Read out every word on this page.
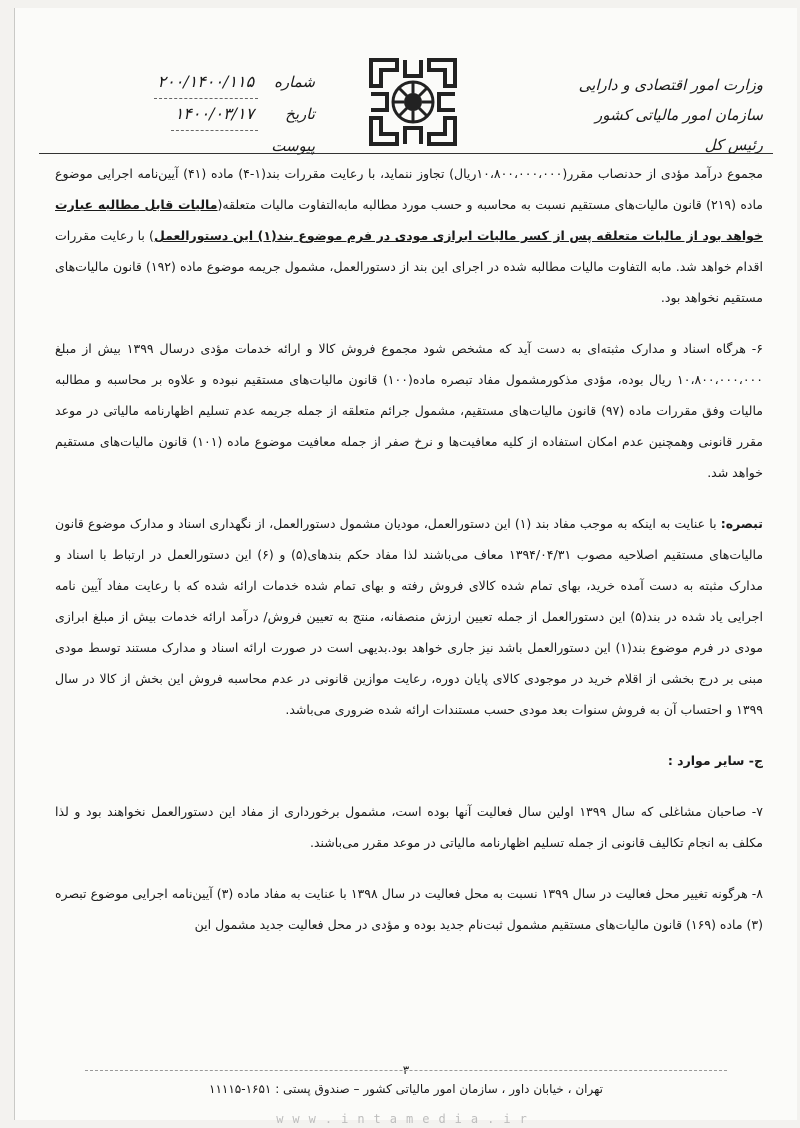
شماره ۲۰۰/۱۴۰۰/۱۱۵
تاریخ ۱۴۰۰/۰۳/۱۷
پیوست
وزارت امور اقتصادی و دارایی
سازمان امور مالیاتی کشور
رئیس کل

مجموع درآمد مؤدی از حدنصاب مقرر(۱۰،۸۰۰،۰۰۰،۰۰۰ریال) تجاوز ننماید، با رعایت مقررات بند(۱-۴) ماده (۴۱) آیین‌نامه اجرایی موضوع ماده (۲۱۹) قانون مالیات‌های مستقیم نسبت به محاسبه و حسب مورد مطالبه مابه‌التفاوت مالیات متعلقه(مالیات قابل مطالبه عبارت خواهد بود از مالیات متعلقه پس از کسر مالیات ابرازی مودی در فرم موضوع بند(۱) این دستورالعمل) با رعایت مقررات اقدام خواهد شد. مابه التفاوت مالیات مطالبه شده در اجرای این بند از دستورالعمل، مشمول جریمه موضوع ماده (۱۹۲) قانون مالیات‌های مستقیم نخواهد بود.

۶- هرگاه اسناد و مدارک مثبته‌ای به دست آید که مشخص شود مجموع فروش کالا و ارائه خدمات مؤدی درسال ۱۳۹۹ بیش از مبلغ ۱۰،۸۰۰،۰۰۰،۰۰۰ ریال بوده، مؤدی مذکورمشمول مفاد تبصره ماده(۱۰۰) قانون مالیات‌های مستقیم نبوده و علاوه بر محاسبه و مطالبه مالیات وفق مقررات ماده (۹۷) قانون مالیات‌های مستقیم، مشمول جرائم متعلقه از جمله جریمه عدم تسلیم اظهارنامه مالیاتی در موعد مقرر قانونی وهمچنین عدم امکان استفاده از کلیه معافیت‌ها و نرخ صفر از جمله معافیت موضوع ماده (۱۰۱) قانون مالیات‌های مستقیم خواهد شد.

تبصره: با عنایت به اینکه به موجب مفاد بند (۱) این دستورالعمل، مودیان مشمول دستورالعمل، از نگهداری اسناد و مدارک موضوع قانون مالیات‌های مستقیم اصلاحیه مصوب ۱۳۹۴/۰۴/۳۱ معاف می‌باشند لذا مفاد حکم بندهای(۵) و (۶) این دستورالعمل در ارتباط با اسناد و مدارک مثبته به دست آمده خرید، بهای تمام شده کالای فروش رفته و بهای تمام شده خدمات ارائه شده که با رعایت مفاد آیین نامه اجرایی یاد شده در بند(۵) این دستورالعمل از جمله تعیین ارزش منصفانه، منتج به تعیین فروش/ درآمد ارائه خدمات بیش از مبلغ ابرازی مودی در فرم موضوع بند(۱) این دستورالعمل باشد نیز جاری خواهد بود.بدیهی است در صورت ارائه اسناد و مدارک مستند توسط مودی مبنی بر درج بخشی از اقلام خرید در موجودی کالای پایان دوره، رعایت موازین قانونی در عدم محاسبه فروش این بخش از کالا در سال ۱۳۹۹ و احتساب آن به فروش سنوات بعد مودی حسب مستندات ارائه شده ضروری می‌باشد.

ج- سایر موارد :

۷- صاحبان مشاغلی که سال ۱۳۹۹ اولین سال فعالیت آنها بوده است، مشمول برخورداری از مفاد این دستورالعمل نخواهند بود و لذا مکلف به انجام تکالیف قانونی از جمله تسلیم اظهارنامه مالیاتی در موعد مقرر می‌باشند.

۸- هرگونه تغییر محل فعالیت در سال ۱۳۹۹ نسبت به محل فعالیت در سال ۱۳۹۸ با عنایت به مفاد ماده (۳) آیین‌نامه اجرایی موضوع تبصره (۳) ماده (۱۶۹) قانون مالیات‌های مستقیم مشمول ثبت‌نام جدید بوده و مؤدی در محل فعالیت جدید مشمول این

۳
تهران ، خیابان داور ، سازمان امور مالیاتی کشور – صندوق پستی : ۱۶۵۱-۱۱۱۱۵
www.intamedia.ir
